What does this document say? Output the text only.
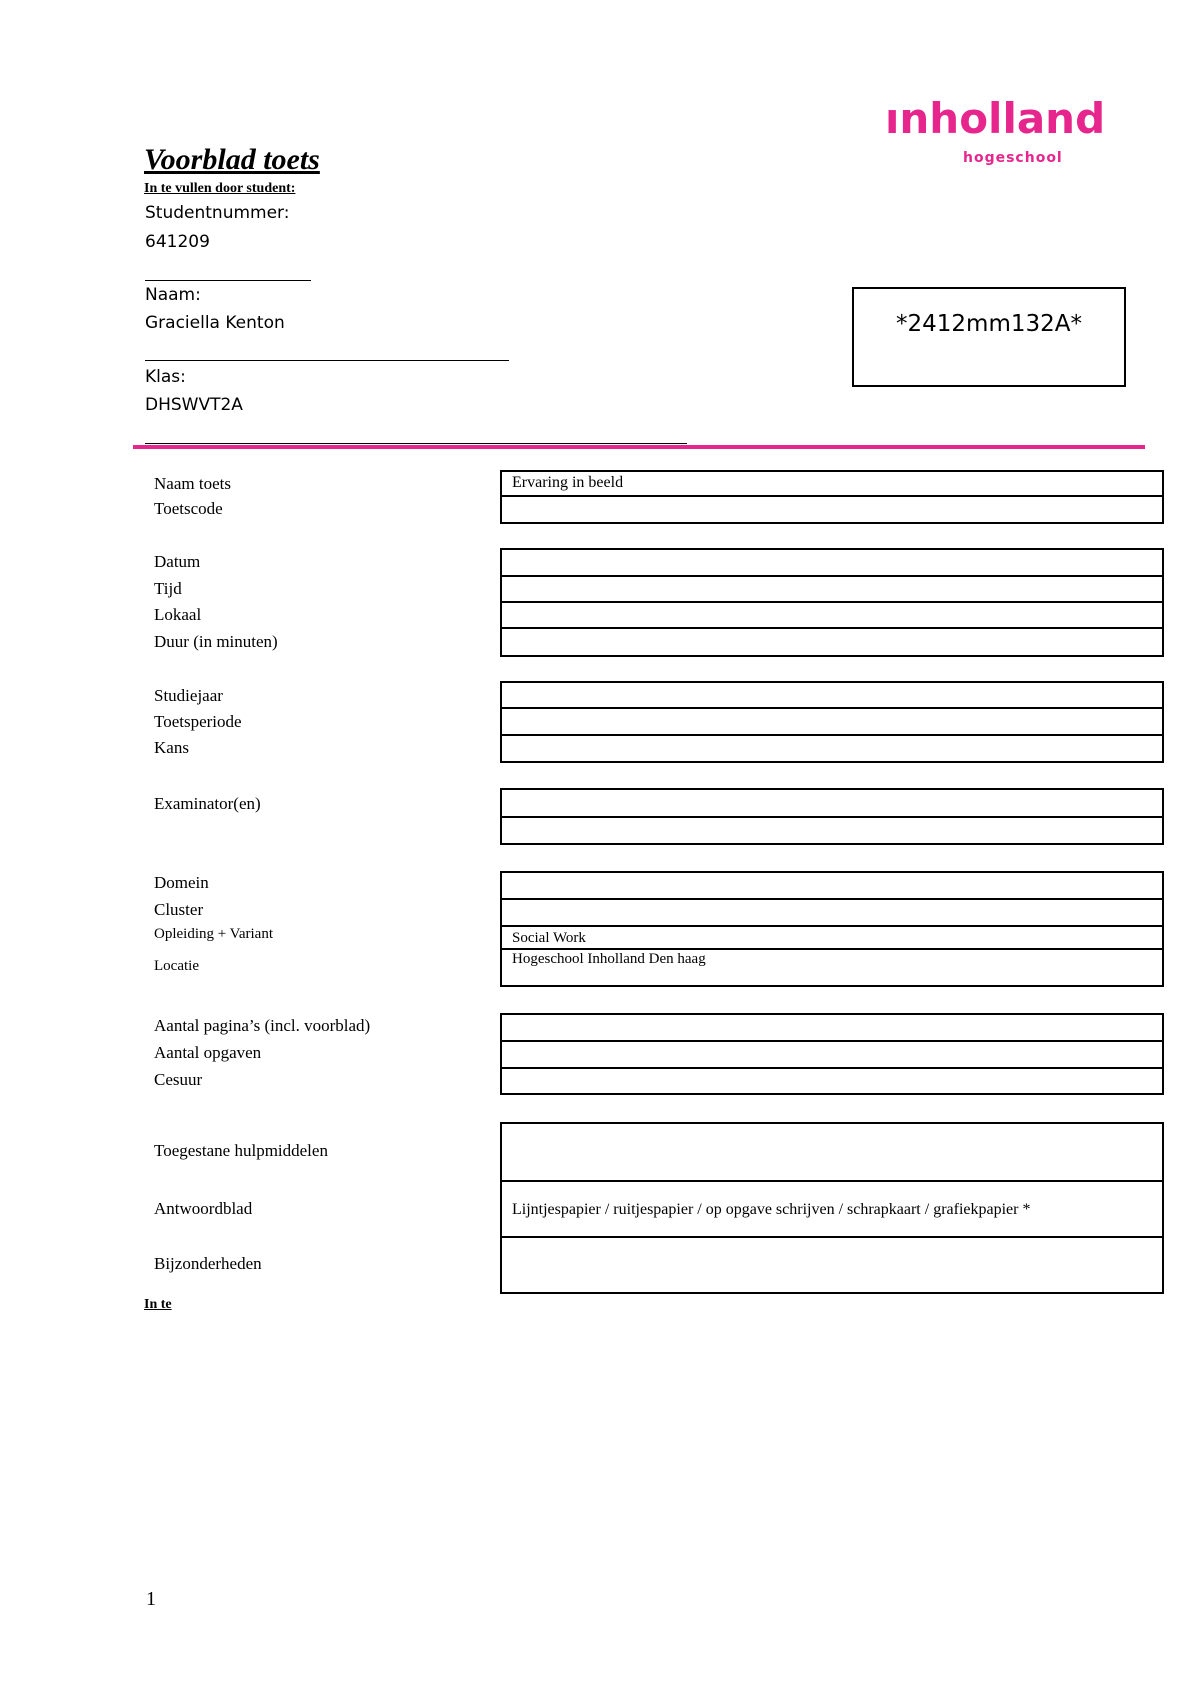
Voorblad toets
In te vullen door student:
ınholland
hogeschool
Studentnummer:
641209
Naam:
Graciella Kenton
Klas:
DHSWVT2A
*2412mm132A*
Naam toets
Toetscode
Datum
Tijd
Lokaal
Duur (in minuten)
Studiejaar
Toetsperiode
Kans
Examinator(en)
Domein
Cluster
Opleiding + Variant
Locatie
Aantal pagina’s (incl. voorblad)
Aantal opgaven
Cesuur
Toegestane hulpmiddelen
Antwoordblad
Bijzonderheden
Ervaring in beeld
Social Work
Hogeschool Inholland Den haag
Lijntjespapier / ruitjespapier / op opgave schrijven / schrapkaart / grafiekpapier *
In te
1
